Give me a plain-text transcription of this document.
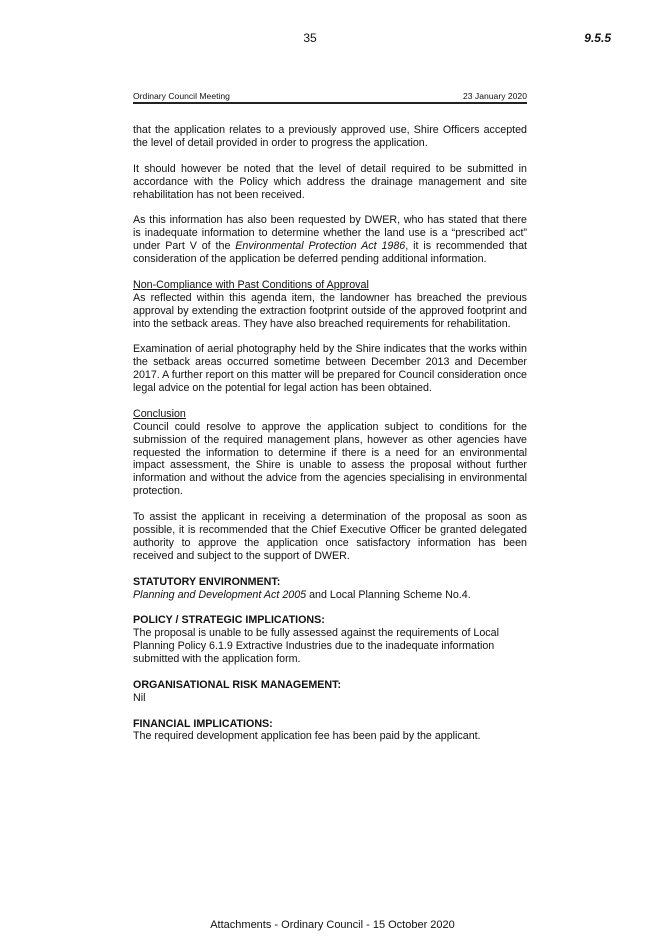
35	9.5.5
Ordinary Council Meeting	23 January 2020

that the application relates to a previously approved use, Shire Officers accepted the level of detail provided in order to progress the application.

It should however be noted that the level of detail required to be submitted in accordance with the Policy which address the drainage management and site rehabilitation has not been received.

As this information has also been requested by DWER, who has stated that there is inadequate information to determine whether the land use is a “prescribed act” under Part V of the Environmental Protection Act 1986, it is recommended that consideration of the application be deferred pending additional information.

Non-Compliance with Past Conditions of Approval
As reflected within this agenda item, the landowner has breached the previous approval by extending the extraction footprint outside of the approved footprint and into the setback areas. They have also breached requirements for rehabilitation.

Examination of aerial photography held by the Shire indicates that the works within the setback areas occurred sometime between December 2013 and December 2017. A further report on this matter will be prepared for Council consideration once legal advice on the potential for legal action has been obtained.

Conclusion
Council could resolve to approve the application subject to conditions for the submission of the required management plans, however as other agencies have requested the information to determine if there is a need for an environmental impact assessment, the Shire is unable to assess the proposal without further information and without the advice from the agencies specialising in environmental protection.

To assist the applicant in receiving a determination of the proposal as soon as possible, it is recommended that the Chief Executive Officer be granted delegated authority to approve the application once satisfactory information has been received and subject to the support of DWER.

STATUTORY ENVIRONMENT:
Planning and Development Act 2005 and Local Planning Scheme No.4.
POLICY / STRATEGIC IMPLICATIONS:
The proposal is unable to be fully assessed against the requirements of Local Planning Policy 6.1.9 Extractive Industries due to the inadequate information submitted with the application form.
ORGANISATIONAL RISK MANAGEMENT:
Nil
FINANCIAL IMPLICATIONS:
The required development application fee has been paid by the applicant.
Attachments - Ordinary Council - 15 October 2020
